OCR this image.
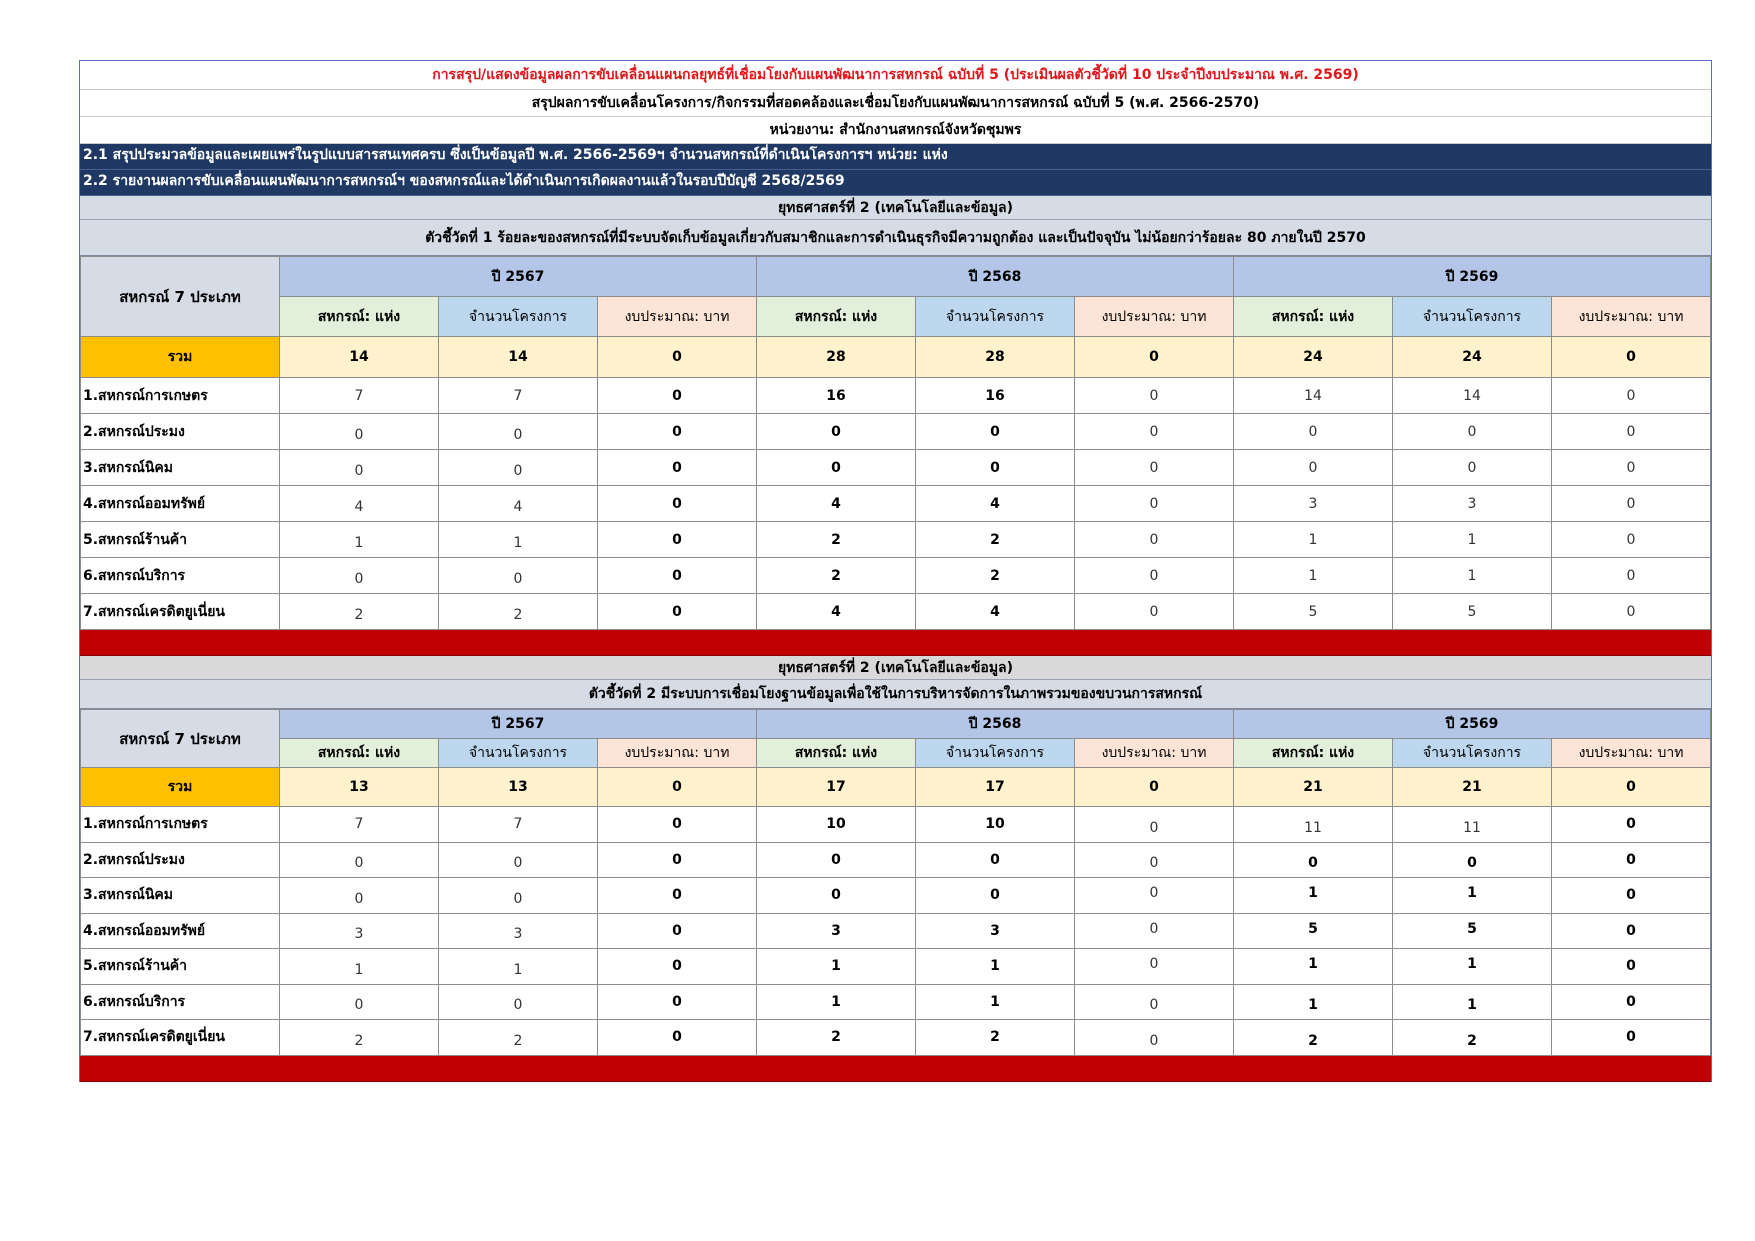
การสรุป/แสดงข้อมูลผลการขับเคลื่อนแผนกลยุทธ์ที่เชื่อมโยงกับแผนพัฒนาการสหกรณ์ ฉบับที่ 5 (ประเมินผลตัวชี้วัดที่ 10 ประจำปีงบประมาณ พ.ศ. 2569)
สรุปผลการขับเคลื่อนโครงการ/กิจกรรมที่สอดคล้องและเชื่อมโยงกับแผนพัฒนาการสหกรณ์ ฉบับที่ 5 (พ.ศ. 2566-2570)
หน่วยงาน: สำนักงานสหกรณ์จังหวัดชุมพร
2.1 สรุปประมวลข้อมูลและเผยแพร่ในรูปแบบสารสนเทศครบ ซึ่งเป็นข้อมูลปี พ.ศ. 2566-2569ฯ จำนวนสหกรณ์ที่ดำเนินโครงการฯ หน่วย: แห่ง
2.2 รายงานผลการขับเคลื่อนแผนพัฒนาการสหกรณ์ฯ ของสหกรณ์และได้ดำเนินการเกิดผลงานแล้วในรอบปีบัญชี 2568/2569
ยุทธศาสตร์ที่ 2 (เทคโนโลยีและข้อมูล)
ตัวชี้วัดที่ 1 ร้อยละของสหกรณ์ที่มีระบบจัดเก็บข้อมูลเกี่ยวกับสมาชิกและการดำเนินธุรกิจมีความถูกต้อง และเป็นปัจจุบัน ไม่น้อยกว่าร้อยละ 80 ภายในปี 2570
สหกรณ์ 7 ประเภท	ปี 2567			ปี 2568			ปี 2569		
	สหกรณ์: แห่ง	จำนวนโครงการ	งบประมาณ: บาท	สหกรณ์: แห่ง	จำนวนโครงการ	งบประมาณ: บาท	สหกรณ์: แห่ง	จำนวนโครงการ	งบประมาณ: บาท
รวม	14	14	0	28	28	0	24	24	0
1.สหกรณ์การเกษตร	7	7	0	16	16	0	14	14	0
2.สหกรณ์ประมง	0	0	0	0	0	0	0	0	0
3.สหกรณ์นิคม	0	0	0	0	0	0	0	0	0
4.สหกรณ์ออมทรัพย์	4	4	0	4	4	0	3	3	0
5.สหกรณ์ร้านค้า	1	1	0	2	2	0	1	1	0
6.สหกรณ์บริการ	0	0	0	2	2	0	1	1	0
7.สหกรณ์เครดิตยูเนี่ยน	2	2	0	4	4	0	5	5	0
ยุทธศาสตร์ที่ 2 (เทคโนโลยีและข้อมูล)
ตัวชี้วัดที่ 2 มีระบบการเชื่อมโยงฐานข้อมูลเพื่อใช้ในการบริหารจัดการในภาพรวมของขบวนการสหกรณ์
สหกรณ์ 7 ประเภท	ปี 2567			ปี 2568			ปี 2569		
	สหกรณ์: แห่ง	จำนวนโครงการ	งบประมาณ: บาท	สหกรณ์: แห่ง	จำนวนโครงการ	งบประมาณ: บาท	สหกรณ์: แห่ง	จำนวนโครงการ	งบประมาณ: บาท
รวม	13	13	0	17	17	0	21	21	0
1.สหกรณ์การเกษตร	7	7	0	10	10	0	11	11	0
2.สหกรณ์ประมง	0	0	0	0	0	0	0	0	0
3.สหกรณ์นิคม	0	0	0	0	0	0	1	1	0
4.สหกรณ์ออมทรัพย์	3	3	0	3	3	0	5	5	0
5.สหกรณ์ร้านค้า	1	1	0	1	1	0	1	1	0
6.สหกรณ์บริการ	0	0	0	1	1	0	1	1	0
7.สหกรณ์เครดิตยูเนี่ยน	2	2	0	2	2	0	2	2	0
